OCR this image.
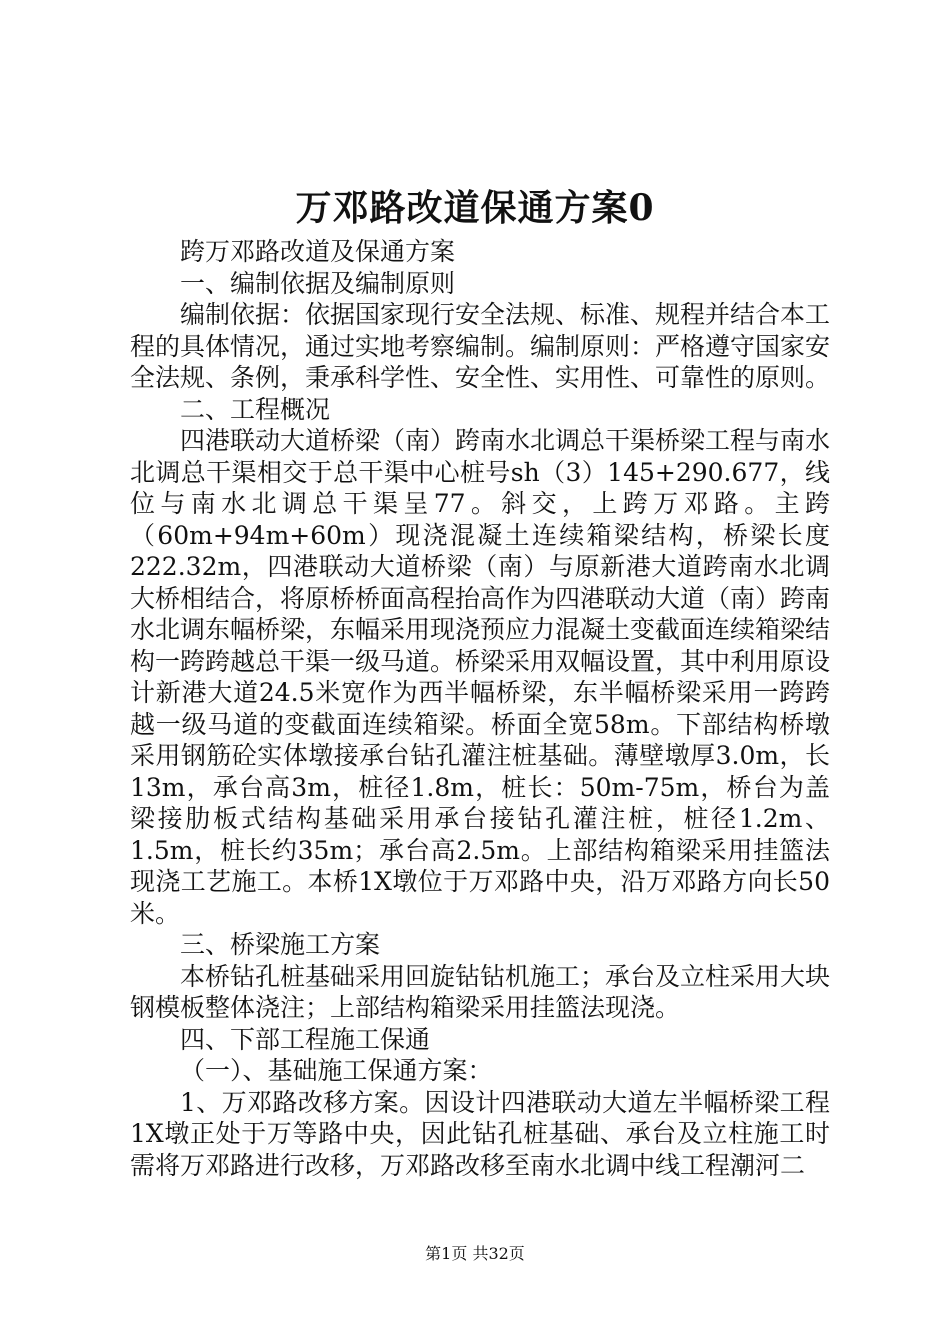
万邓路改道保通方案0

跨万邓路改道及保通方案

一、编制依据及编制原则

编制依据：依据国家现行安全法规、标准、规程并结合本工程的具体情况，通过实地考察编制。编制原则：严格遵守国家安全法规、条例，秉承科学性、安全性、实用性、可靠性的原则。

二、工程概况

四港联动大道桥梁（南）跨南水北调总干渠桥梁工程与南水北调总干渠相交于总干渠中心桩号sh（3）145+290.677，线位与南水北调总干渠呈77。斜交，上跨万邓路。主跨（60m+94m+60m）现浇混凝土连续箱梁结构，桥梁长度222.32m，四港联动大道桥梁（南）与原新港大道跨南水北调大桥相结合，将原桥桥面高程抬高作为四港联动大道（南）跨南水北调东幅桥梁，东幅采用现浇预应力混凝土变截面连续箱梁结构一跨跨越总干渠一级马道。桥梁采用双幅设置，其中利用原设计新港大道24.5米宽作为西半幅桥梁，东半幅桥梁采用一跨跨越一级马道的变截面连续箱梁。桥面全宽58m。下部结构桥墩采用钢筋砼实体墩接承台钻孔灌注桩基础。薄壁墩厚3.0m，长13m，承台高3m，桩径1.8m，桩长：50m-75m，桥台为盖梁接肋板式结构基础采用承台接钻孔灌注桩，桩径1.2m、1.5m，桩长约35m；承台高2.5m。上部结构箱梁采用挂篮法现浇工艺施工。本桥1X墩位于万邓路中央，沿万邓路方向长50米。

三、桥梁施工方案

本桥钻孔桩基础采用回旋钻钻机施工；承台及立柱采用大块钢模板整体浇注；上部结构箱梁采用挂篮法现浇。

四、下部工程施工保通

（一）、基础施工保通方案：

1、万邓路改移方案。因设计四港联动大道左半幅桥梁工程1X墩正处于万等路中央，因此钻孔桩基础、承台及立柱施工时需将万邓路进行改移，万邓路改移至南水北调中线工程潮河二

第1页 共32页
